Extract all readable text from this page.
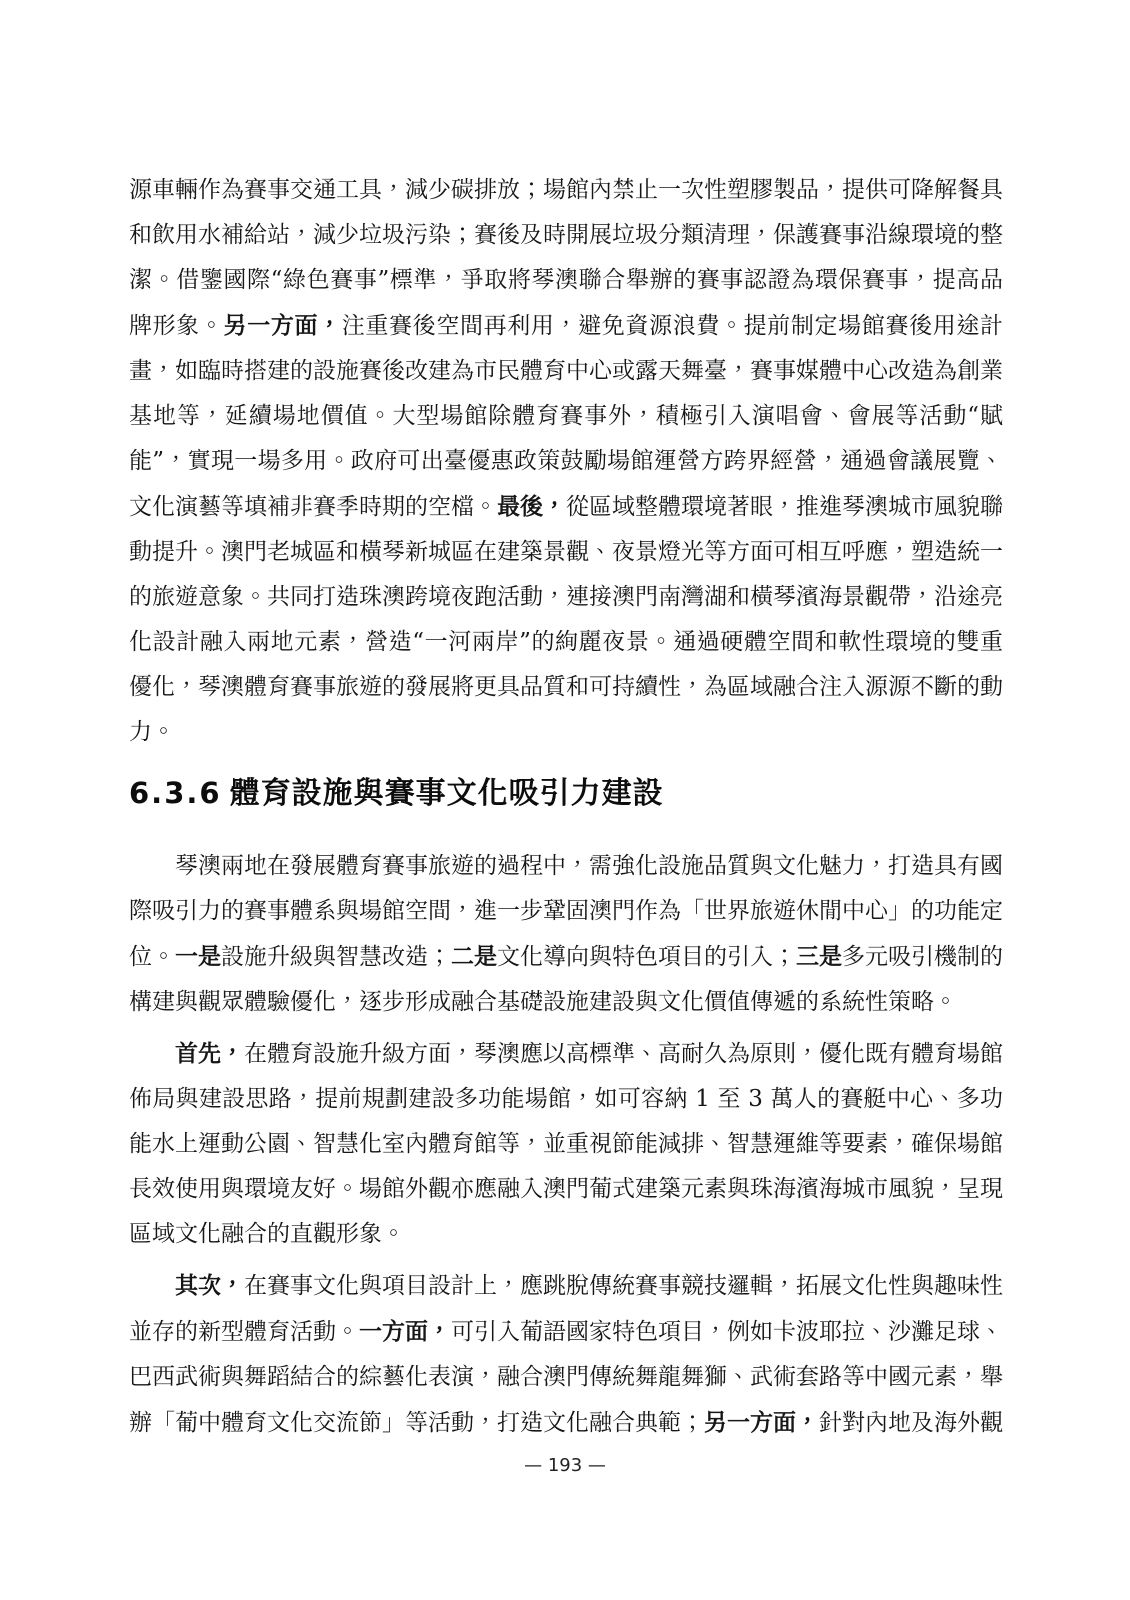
源車輛作為賽事交通工具，減少碳排放；場館內禁止一次性塑膠製品，提供可降解餐具和飲用水補給站，減少垃圾污染；賽後及時開展垃圾分類清理，保護賽事沿線環境的整潔。借鑒國際“綠色賽事”標準，爭取將琴澳聯合舉辦的賽事認證為環保賽事，提高品牌形象。另一方面，注重賽後空間再利用，避免資源浪費。提前制定場館賽後用途計畫，如臨時搭建的設施賽後改建為市民體育中心或露天舞臺，賽事媒體中心改造為創業基地等，延續場地價值。大型場館除體育賽事外，積極引入演唱會、會展等活動“賦能”，實現一場多用。政府可出臺優惠政策鼓勵場館運營方跨界經營，通過會議展覽、文化演藝等填補非賽季時期的空檔。最後，從區域整體環境著眼，推進琴澳城市風貌聯動提升。澳門老城區和橫琴新城區在建築景觀、夜景燈光等方面可相互呼應，塑造統一的旅遊意象。共同打造珠澳跨境夜跑活動，連接澳門南灣湖和橫琴濱海景觀帶，沿途亮化設計融入兩地元素，營造“一河兩岸”的絢麗夜景。通過硬體空間和軟性環境的雙重優化，琴澳體育賽事旅遊的發展將更具品質和可持續性，為區域融合注入源源不斷的動力。

6.3.6 體育設施與賽事文化吸引力建設

琴澳兩地在發展體育賽事旅遊的過程中，需強化設施品質與文化魅力，打造具有國際吸引力的賽事體系與場館空間，進一步鞏固澳門作為「世界旅遊休閒中心」的功能定位。一是設施升級與智慧改造；二是文化導向與特色項目的引入；三是多元吸引機制的構建與觀眾體驗優化，逐步形成融合基礎設施建設與文化價值傳遞的系統性策略。

首先，在體育設施升級方面，琴澳應以高標準、高耐久為原則，優化既有體育場館佈局與建設思路，提前規劃建設多功能場館，如可容納 1 至 3 萬人的賽艇中心、多功能水上運動公園、智慧化室內體育館等，並重視節能減排、智慧運維等要素，確保場館長效使用與環境友好。場館外觀亦應融入澳門葡式建築元素與珠海濱海城市風貌，呈現區域文化融合的直觀形象。

其次，在賽事文化與項目設計上，應跳脫傳統賽事競技邏輯，拓展文化性與趣味性並存的新型體育活動。一方面，可引入葡語國家特色項目，例如卡波耶拉、沙灘足球、巴西武術與舞蹈結合的綜藝化表演，融合澳門傳統舞龍舞獅、武術套路等中國元素，舉辦「葡中體育文化交流節」等活動，打造文化融合典範；另一方面，針對內地及海外觀

— 193 —
